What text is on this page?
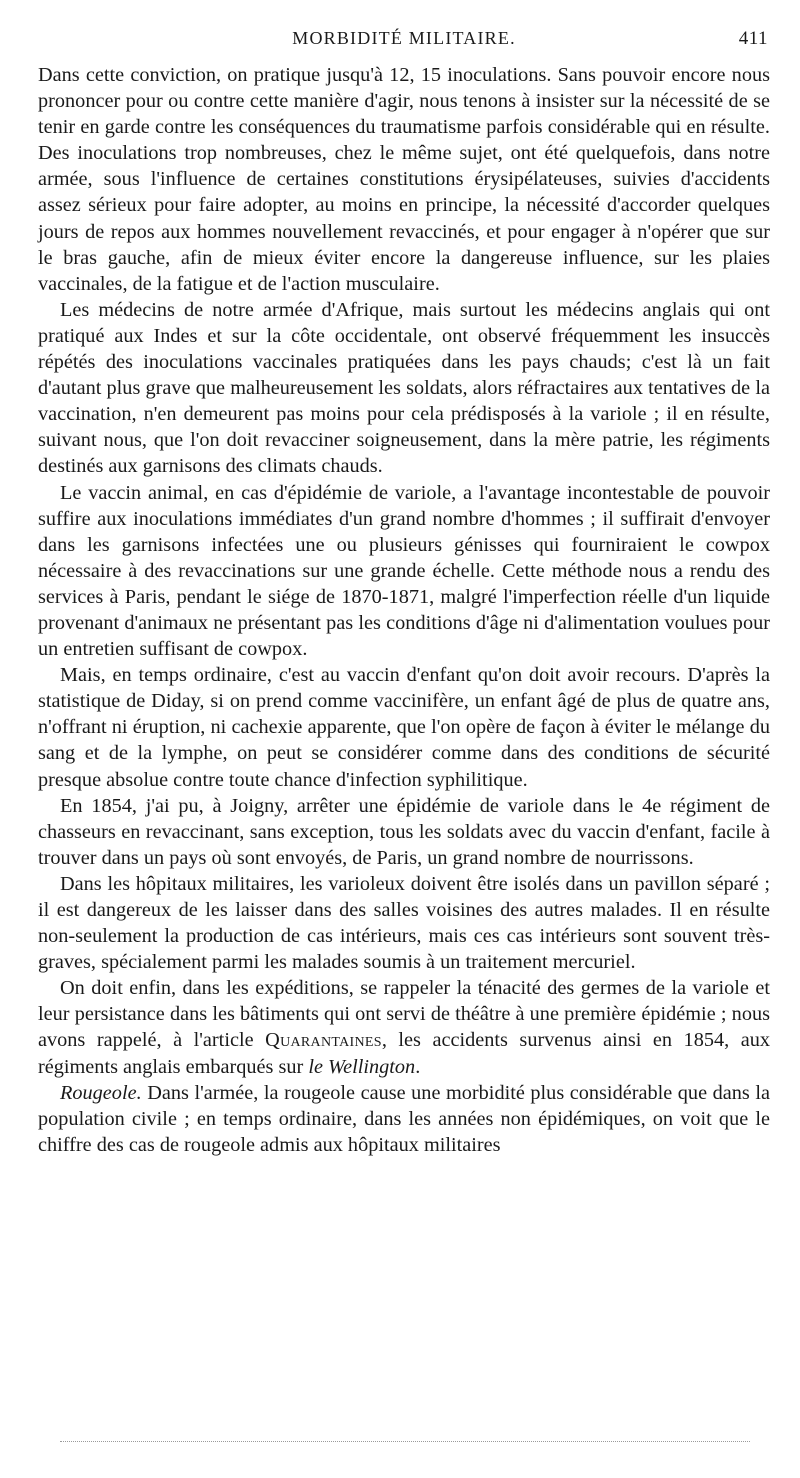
MORBIDITÉ MILITAIRE.	411

Dans cette conviction, on pratique jusqu'à 12, 15 inoculations. Sans pouvoir encore nous prononcer pour ou contre cette manière d'agir, nous tenons à insister sur la nécessité de se tenir en garde contre les conséquences du traumatisme parfois considérable qui en résulte. Des inoculations trop nombreuses, chez le même sujet, ont été quelquefois, dans notre armée, sous l'influence de certaines constitutions érysipélateuses, suivies d'accidents assez sérieux pour faire adopter, au moins en principe, la nécessité d'accorder quelques jours de repos aux hommes nouvellement revaccinés, et pour engager à n'opérer que sur le bras gauche, afin de mieux éviter encore la dangereuse influence, sur les plaies vaccinales, de la fatigue et de l'action musculaire.

Les médecins de notre armée d'Afrique, mais surtout les médecins anglais qui ont pratiqué aux Indes et sur la côte occidentale, ont observé fréquemment les insuccès répétés des inoculations vaccinales pratiquées dans les pays chauds; c'est là un fait d'autant plus grave que malheureusement les soldats, alors réfractaires aux tentatives de la vaccination, n'en demeurent pas moins pour cela prédisposés à la variole ; il en résulte, suivant nous, que l'on doit revacciner soigneusement, dans la mère patrie, les régiments destinés aux garnisons des climats chauds.

Le vaccin animal, en cas d'épidémie de variole, a l'avantage incontestable de pouvoir suffire aux inoculations immédiates d'un grand nombre d'hommes ; il suffirait d'envoyer dans les garnisons infectées une ou plusieurs génisses qui fourniraient le cowpox nécessaire à des revaccinations sur une grande échelle. Cette méthode nous a rendu des services à Paris, pendant le siége de 1870-1871, malgré l'imperfection réelle d'un liquide provenant d'animaux ne présentant pas les conditions d'âge ni d'alimentation voulues pour un entretien suffisant de cowpox.

Mais, en temps ordinaire, c'est au vaccin d'enfant qu'on doit avoir recours. D'après la statistique de Diday, si on prend comme vaccinifère, un enfant âgé de plus de quatre ans, n'offrant ni éruption, ni cachexie apparente, que l'on opère de façon à éviter le mélange du sang et de la lymphe, on peut se considérer comme dans des conditions de sécurité presque absolue contre toute chance d'infection syphilitique.

En 1854, j'ai pu, à Joigny, arrêter une épidémie de variole dans le 4e régiment de chasseurs en revaccinant, sans exception, tous les soldats avec du vaccin d'enfant, facile à trouver dans un pays où sont envoyés, de Paris, un grand nombre de nourrissons.

Dans les hôpitaux militaires, les varioleux doivent être isolés dans un pavillon séparé ; il est dangereux de les laisser dans des salles voisines des autres malades. Il en résulte non-seulement la production de cas intérieurs, mais ces cas intérieurs sont souvent très-graves, spécialement parmi les malades soumis à un traitement mercuriel.

On doit enfin, dans les expéditions, se rappeler la ténacité des germes de la variole et leur persistance dans les bâtiments qui ont servi de théâtre à une première épidémie ; nous avons rappelé, à l'article Quarantaines, les accidents survenus ainsi en 1854, aux régiments anglais embarqués sur le Wellington.

Rougeole. Dans l'armée, la rougeole cause une morbidité plus considérable que dans la population civile ; en temps ordinaire, dans les années non épidémiques, on voit que le chiffre des cas de rougeole admis aux hôpitaux militaires
